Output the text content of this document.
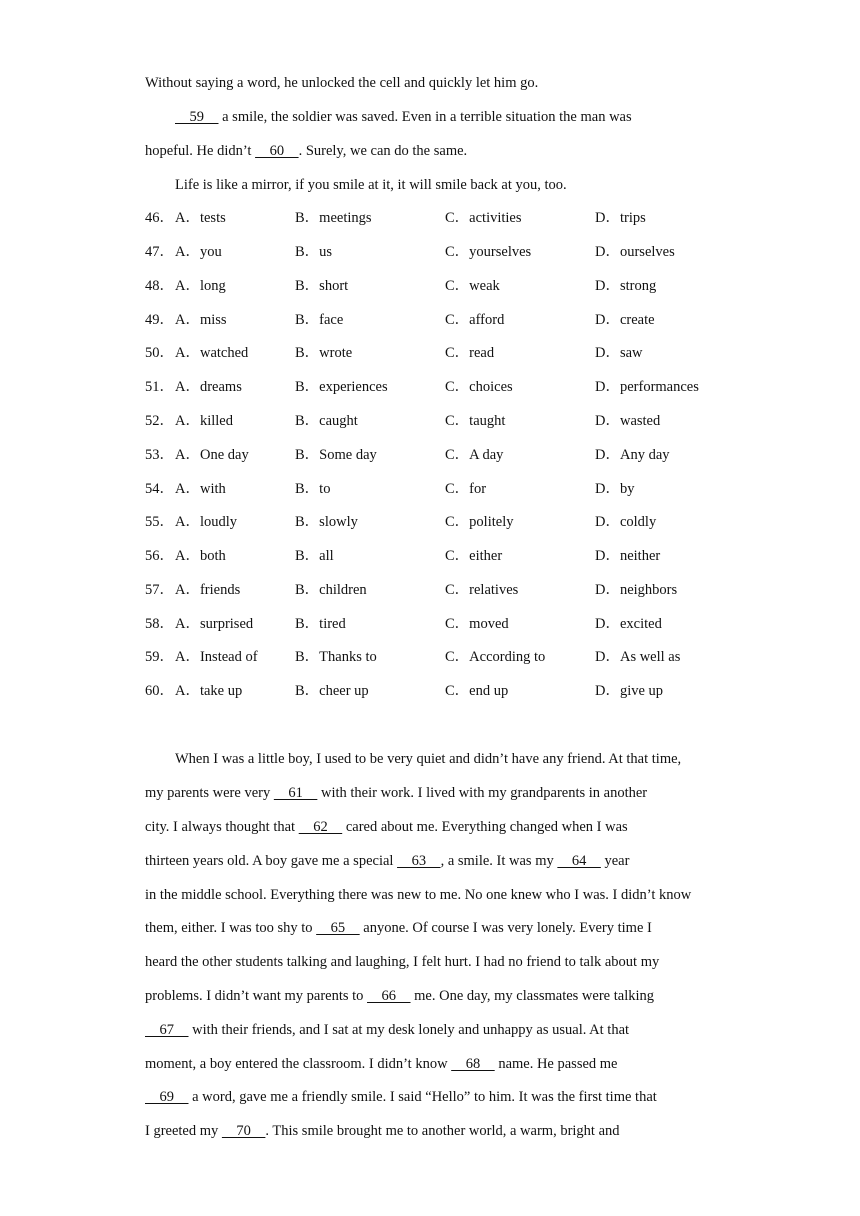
Without saying a word, he unlocked the cell and quickly let him go.
59     a smile, the soldier was saved. Even in a terrible situation the man was
hopeful. He didn’t     60    . Surely, we can do the same.
Life is like a mirror, if you smile at it, it will smile back at you, too.
46． A．tests	B．meetings	C．activities	D．trips
47． A．you	B．us	C．yourselves	D．ourselves
48． A．long	B．short	C．weak	D．strong
49． A．miss	B．face	C．afford	D．create
50． A．watched	B．wrote	C．read	D．saw
51． A．dreams	B．experiences	C．choices	D．performances
52． A．killed	B．caught	C．taught	D．wasted
53． A．One day	B．Some day	C．A day	D．Any day
54． A．with	B．to	C．for	D．by
55． A．loudly	B．slowly	C．politely	D．coldly
56． A．both	B．all	C．either	D．neither
57． A．friends	B．children	C．relatives	D．neighbors
58． A．surprised	B．tired	C．moved	D．excited
59． A．Instead of	B．Thanks to	C．According to	D．As well as
60． A．take up	B．cheer up	C．end up	D．give up
When I was a little boy, I used to be very quiet and didn’t have any friend. At that time,
my parents were very     61     with their work. I lived with my grandparents in another
city. I always thought that     62     cared about me. Everything changed when I was
thirteen years old. A boy gave me a special     63    , a smile. It was my     64     year
in the middle school. Everything there was new to me. No one knew who I was. I didn’t know
them, either. I was too shy to     65     anyone. Of course I was very lonely. Every time I
heard the other students talking and laughing, I felt hurt. I had no friend to talk about my
problems. I didn’t want my parents to     66     me. One day, my classmates were talking
67     with their friends, and I sat at my desk lonely and unhappy as usual. At that
moment, a boy entered the classroom. I didn’t know     68     name. He passed me
69     a word, gave me a friendly smile. I said “Hello” to him. It was the first time that
I greeted my     70    . This smile brought me to another world, a warm, bright and
